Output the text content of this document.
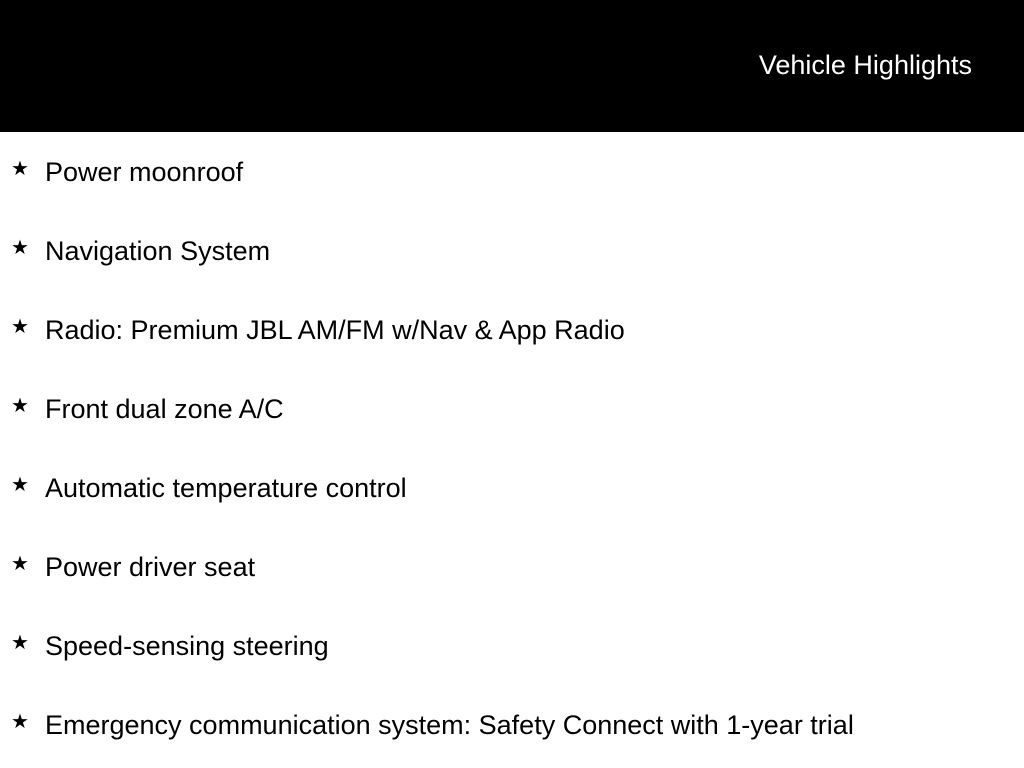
Vehicle Highlights
★ Power moonroof
★ Navigation System
★ Radio: Premium JBL AM/FM w/Nav & App Radio
★ Front dual zone A/C
★ Automatic temperature control
★ Power driver seat
★ Speed-sensing steering
★ Emergency communication system: Safety Connect with 1-year trial
